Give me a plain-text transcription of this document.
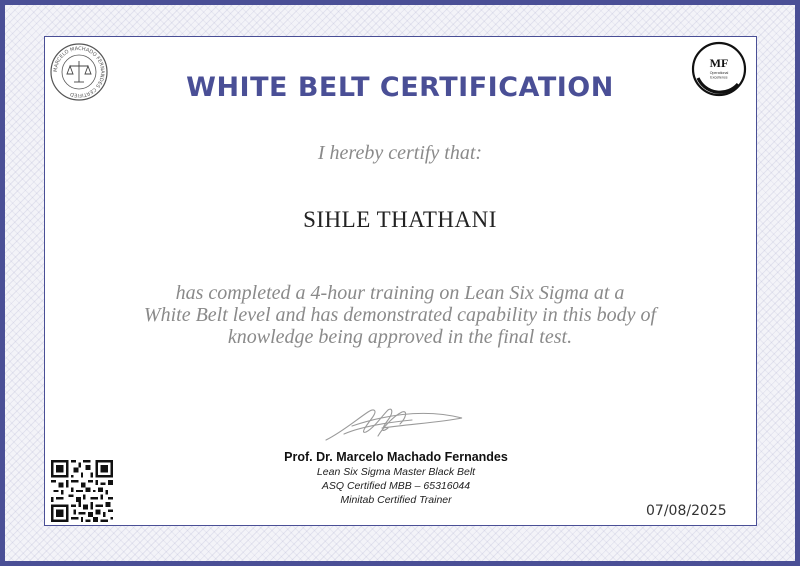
MARCELO MACHADO FERNANDES CERTIFIED
MF
Operational
Excellence
WHITE BELT CERTIFICATION
I hereby certify that:
SIHLE THATHANI
has completed a 4-hour training on Lean Six Sigma at a
White Belt level and has demonstrated capability in this body of
knowledge being approved in the final test.
Prof. Dr. Marcelo Machado Fernandes
Lean Six Sigma Master Black Belt
ASQ Certified MBB – 65316044
Minitab Certified Trainer
07/08/2025
